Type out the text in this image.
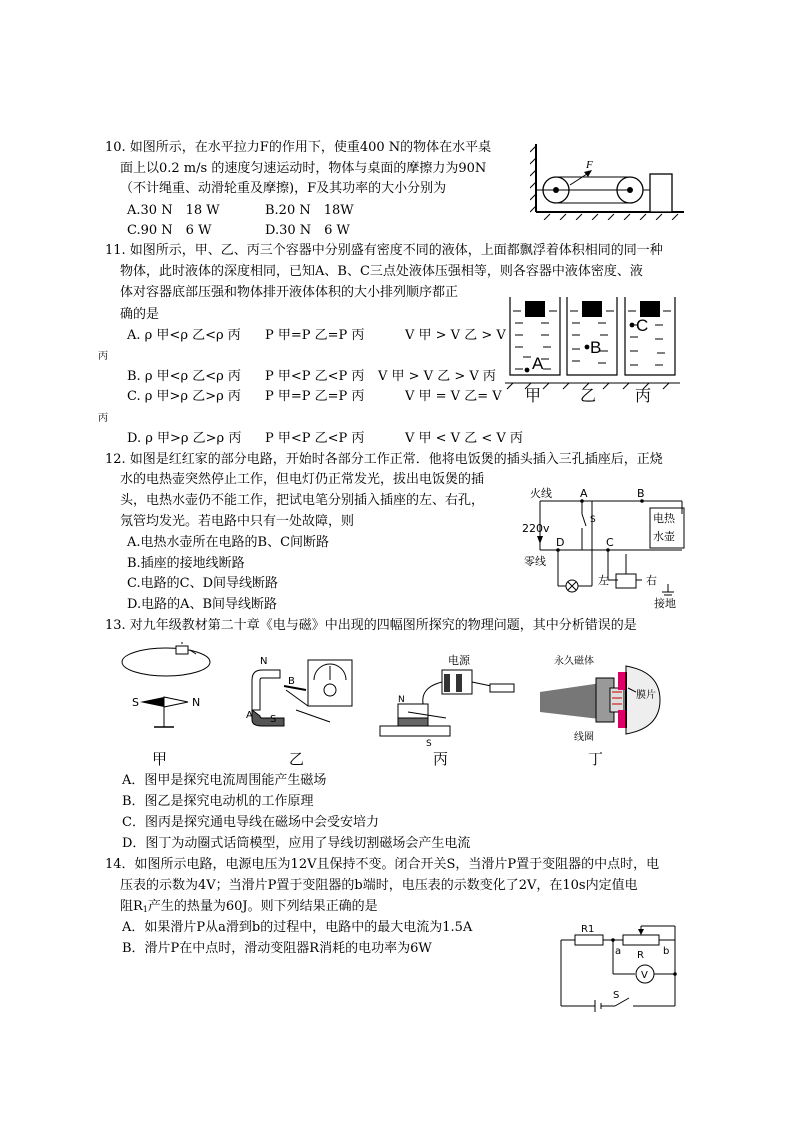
10. 如图所示，在水平拉力F的作用下，使重400 N的物体在水平桌
面上以0.2 m/s 的速度匀速运动时，物体与桌面的摩擦力为90N
（不计绳重、动滑轮重及摩擦)，F及其功率的大小分别为
A.30 N　18 W	B.20 N　18W
C.90 N　6 W	D.30 N　6 W
F
11. 如图所示，甲、乙、丙三个容器中分别盛有密度不同的液体，上面都飘浮着体积相同的同一种
物体，此时液体的深度相同，已知A、B、C三点处液体压强相等，则各容器中液体密度、液
体对容器底部压强和物体排开液体体积的大小排列顺序都正
确的是
A. ρ 甲<ρ 乙<ρ 丙 P 甲=P 乙=P 丙	V 甲 > V 乙 > V
丙
B. ρ 甲<ρ 乙<ρ 丙 P 甲<P 乙<P 丙 V 甲 > V 乙 > V 丙
C. ρ 甲>ρ 乙>ρ 丙 P 甲=P 乙=P 丙	V 甲 = V 乙= V
丙
D. ρ 甲>ρ 乙>ρ 丙 P 甲<P 乙<P 丙	V 甲 < V 乙 < V 丙
A
B
C
甲 乙 丙
12. 如图是红红家的部分电路，开始时各部分工作正常．他将电饭煲的插头插入三孔插座后，正烧
水的电热壶突然停止工作，但电灯仍正常发光，拔出电饭煲的插
头，电热水壶仍不能工作，把试电笔分别插入插座的左、右孔，
氖管均发光。若电路中只有一处故障，则
A.电热水壶所在电路的B、C间断路
B.插座的接地线断路
C.电路的C、D间导线断路
D.电路的A、B间导线断路
火线
零线
220v
A	B
C
D
S	电热
水壶
左	右
接地
13. 对九年级教材第二十章《电与磁》中出现的四幅图所探究的物理问题，其中分析错误的是
S	N
N
B
A S
电源
N
S
永久磁体
膜片
线圈
甲	乙	丙	丁
A．图甲是探究电流周围能产生磁场
B．图乙是探究电动机的工作原理
C．图丙是探究通电导线在磁场中会受安培力
D．图丁为动圈式话筒模型，应用了导线切割磁场会产生电流
14．如图所示电路，电源电压为12V且保持不变。闭合开关S，当滑片P置于变阻器的中点时，电
压表的示数为4V；当滑片P置于变阻器的b端时，电压表的示数变化了2V，在10s内定值电
阻R1产生的热量为60J。则下列结果正确的是
A．如果滑片P从a滑到b的过程中，电路中的最大电流为1.5A
B．滑片P在中点时，滑动变阻器R消耗的电功率为6W
R1
R
a	b
V
S
